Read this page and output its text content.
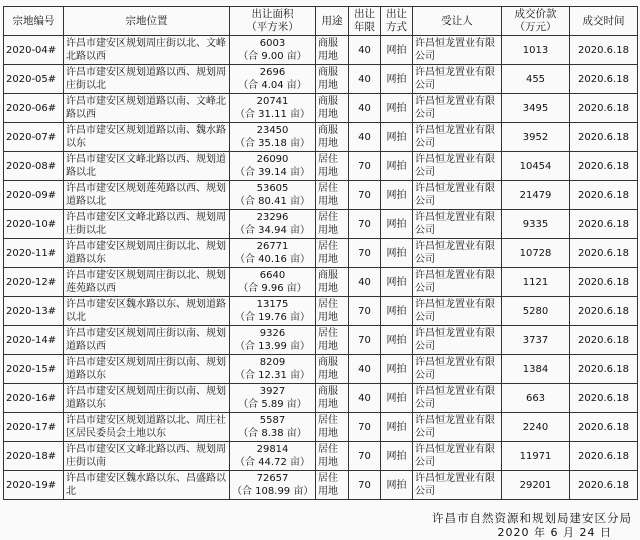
宗地编号	宗地位置	出让面积
（平方米）	用途	出让
年限	出让
方式	受让人	成交价款
（万元）	成交时间
2020-04#	许昌市建安区规划周庄街以北、文峰北路以西	6003
（合 9.00 亩）	商服用地	40	网拍	许昌恒龙置业有限公司	1013	2020.6.18
2020-05#	许昌市建安区规划道路以西、规划周庄街以北	2696
（合 4.04 亩）	商服用地	40	网拍	许昌恒龙置业有限公司	455	2020.6.18
2020-06#	许昌市建安区规划道路以南、文峰北路以西	20741
（合 31.11 亩）	商服用地	40	网拍	许昌恒龙置业有限公司	3495	2020.6.18
2020-07#	许昌市建安区规划道路以南、魏水路以东	23450
（合 35.18 亩）	商服用地	40	网拍	许昌恒龙置业有限公司	3952	2020.6.18
2020-08#	许昌市建安区文峰北路以西、规划道路以北	26090
（合 39.14 亩）	居住用地	70	网拍	许昌恒龙置业有限公司	10454	2020.6.18
2020-09#	许昌市建安区规划莲苑路以西、规划道路以北	53605
（合 80.41 亩）	居住用地	70	网拍	许昌恒龙置业有限公司	21479	2020.6.18
2020-10#	许昌市建安区文峰北路以西、规划周庄街以北	23296
（合 34.94 亩）	居住用地	70	网拍	许昌恒龙置业有限公司	9335	2020.6.18
2020-11#	许昌市建安区规划周庄街以北、规划道路以东	26771
（合 40.16 亩）	居住用地	70	网拍	许昌恒龙置业有限公司	10728	2020.6.18
2020-12#	许昌市建安区规划周庄街以北、规划莲苑路以西	6640
（合 9.96 亩）	商服用地	40	网拍	许昌恒龙置业有限公司	1121	2020.6.18
2020-13#	许昌市建安区魏水路以东、规划道路以北	13175
（合 19.76 亩）	居住用地	70	网拍	许昌恒龙置业有限公司	5280	2020.6.18
2020-14#	许昌市建安区规划周庄街以南、规划道路以西	9326
（合 13.99 亩）	居住用地	70	网拍	许昌恒龙置业有限公司	3737	2020.6.18
2020-15#	许昌市建安区规划周庄街以南、规划道路以东	8209
（合 12.31 亩）	商服用地	40	网拍	许昌恒龙置业有限公司	1384	2020.6.18
2020-16#	许昌市建安区规划周庄街以南、规划道路以东	3927
（合 5.89 亩）	商服用地	40	网拍	许昌恒龙置业有限公司	663	2020.6.18
2020-17#	许昌市建安区规划道路以北、周庄社区居民委员会土地以东	5587
（合 8.38 亩）	居住用地	70	网拍	许昌恒龙置业有限公司	2240	2020.6.18
2020-18#	许昌市建安区文峰北路以西、规划周庄街以南	29814
（合 44.72 亩）	居住用地	70	网拍	许昌恒龙置业有限公司	11971	2020.6.18
2020-19#	许昌市建安区魏水路以东、昌盛路以北	72657
（合 108.99 亩）	居住用地	70	网拍	许昌恒龙置业有限公司	29201	2020.6.18
许昌市自然资源和规划局建安区分局
2020 年 6 月 24 日
